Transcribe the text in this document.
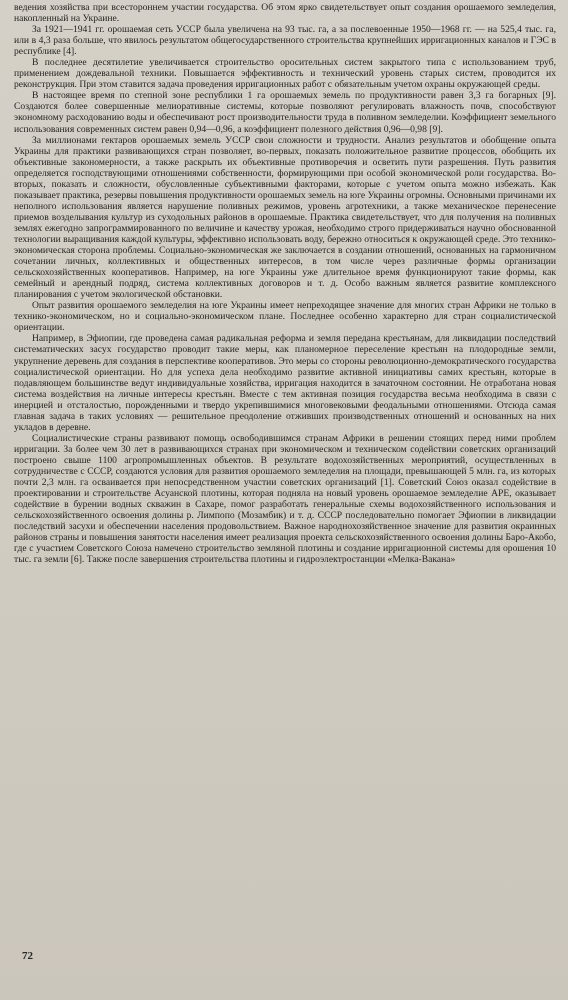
ведения хозяйства при всестороннем участии государства. Об этом ярко свидетельствует опыт создания орошаемого земледелия, накопленный на Украине.

За 1921—1941 гг. орошаемая сеть УССР была увеличена на 93 тыс. га, а за послевоенные 1950—1968 гг. — на 525,4 тыс. га, или в 4,3 раза больше, что явилось результатом общегосударственного строительства крупнейших ирригационных каналов и ГЭС в республике [4].

В последнее десятилетие увеличивается строительство оросительных систем закрытого типа с использованием труб, применением дождевальной техники. Повышается эффективность и технический уровень старых систем, проводится их реконструкция. При этом ставится задача проведения ирригационных работ с обязательным учетом охраны окружающей среды.

В настоящее время по степной зоне республики 1 га орошаемых земель по продуктивности равен 3,3 га богарных [9]. Создаются более совершенные мелиоративные системы, которые позволяют регулировать влажность почв, способствуют экономному расходованию воды и обеспечивают рост производительности труда в поливном земледелии. Коэффициент земельного использования современных систем равен 0,94—0,96, а коэффициент полезного действия 0,96—0,98 [9].

За миллионами гектаров орошаемых земель УССР свои сложности и трудности. Анализ результатов и обобщение опыта Украины для практики развивающихся стран позволяет, во-первых, показать положительное развитие процессов, обобщить их объективные закономерности, а также раскрыть их объективные противоречия и осветить пути разрешения. Путь развития определяется господствующими отношениями собственности, формирующими при особой экономической роли государства. Во-вторых, показать и сложности, обусловленные субъективными факторами, которые с учетом опыта можно избежать. Как показывает практика, резервы повышения продуктивности орошаемых земель на юге Украины огромны. Основными причинами их неполного использования является нарушение поливных режимов, уровень агротехники, а также механическое перенесение приемов возделывания культур из суходольных районов в орошаемые. Практика свидетельствует, что для получения на поливных землях ежегодно запрограммированного по величине и качеству урожая, необходимо строго придерживаться научно обоснованной технологии выращивания каждой культуры, эффективно использовать воду, бережно относиться к окружающей среде. Это технико-экономическая сторона проблемы. Социально-экономическая же заключается в создании отношений, основанных на гармоничном сочетании личных, коллективных и общественных интересов, в том числе через различные формы организации сельскохозяйственных кооперативов. Например, на юге Украины уже длительное время функционируют такие формы, как семейный и арендный подряд, система коллективных договоров и т. д. Особо важным является развитие комплексного планирования с учетом экологической обстановки.

Опыт развития орошаемого земледелия на юге Украины имеет непреходящее значение для многих стран Африки не только в технико-экономическом, но и социально-экономическом плане. Последнее особенно характерно для стран социалистической ориентации.

Например, в Эфиопии, где проведена самая радикальная реформа и земля передана крестьянам, для ликвидации последствий систематических засух государство проводит такие меры, как планомерное переселение крестьян на плодородные земли, укрупнение деревень для создания в перспективе кооперативов. Это меры со стороны революционно-демократического государства социалистической ориентации. Но для успеха дела необходимо развитие активной инициативы самих крестьян, которые в подавляющем большинстве ведут индивидуальные хозяйства, ирригация находится в зачаточном состоянии. Не отработана новая система воздействия на личные интересы крестьян. Вместе с тем активная позиция государства весьма необходима в связи с инерцией и отсталостью, порожденными и твердо укрепившимися многовековыми феодальными отношениями. Отсюда самая главная задача в таких условиях — решительное преодоление отживших производственных отношений и основанных на них укладов в деревне.

Социалистические страны развивают помощь освободившимся странам Африки в решении стоящих перед ними проблем ирригации. За более чем 30 лет в развивающихся странах при экономическом и техническом содействии советских организаций построено свыше 1100 агропромышленных объектов. В результате водохозяйственных мероприятий, осуществленных в сотрудничестве с СССР, создаются условия для развития орошаемого земледелия на площади, превышающей 5 млн. га, из которых почти 2,3 млн. га осваивается при непосредственном участии советских организаций [1]. Советский Союз оказал содействие в проектировании и строительстве Асуанской плотины, которая подняла на новый уровень орошаемое земледелие АРЕ, оказывает содействие в бурении водных скважин в Сахаре, помог разработать генеральные схемы водохозяйственного использования и сельскохозяйственного освоения долины р. Лимпопо (Мозамбик) и т. д. СССР последовательно помогает Эфиопии в ликвидации последствий засухи и обеспечении населения продовольствием. Важное народнохозяйственное значение для развития окраинных районов страны и повышения занятости населения имеет реализация проекта сельскохозяйственного освоения долины Баро-Акобо, где с участием Советского Союза намечено строительство земляной плотины и создание ирригационной системы для орошения 10 тыс. га земли [6]. Также после завершения строительства плотины и гидроэлектростанции «Мелка-Вакана»

72
